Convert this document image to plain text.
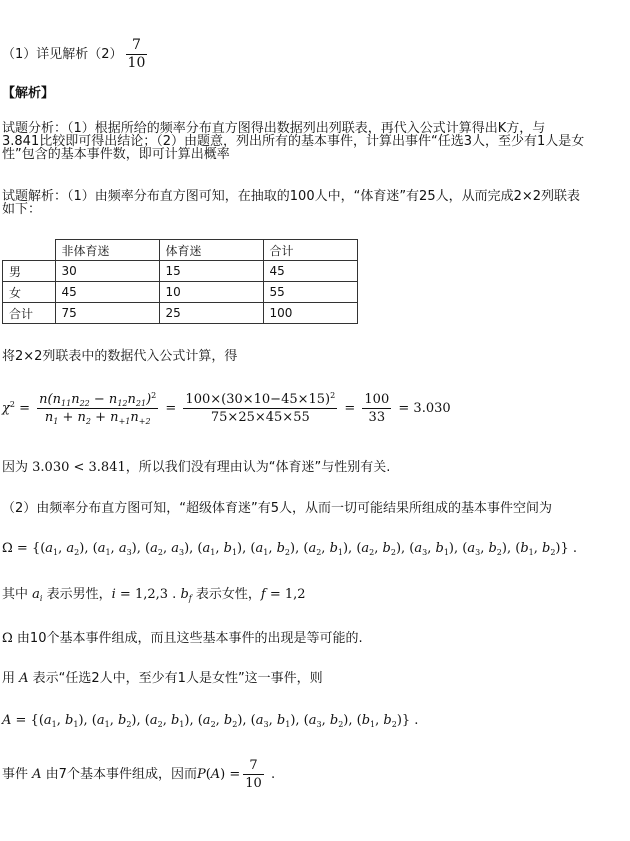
（1）详见解析$(2) \frac{7}{10}$
【解析】
试题分析：（1）根据所给的频率分布直方图得出数据列出列联表，再代入公式计算得出K方，与
3.841比较即可得出结论；（2）由题意，列出所有的基本事件，计算出事件“任选3人，至少有1人是女
性”包含的基本事件数，即可计算出概率
试题解析：（1）由频率分布直方图可知，在抽取的100人中，“体育迷”有25人，从而完成2×2列联表
如下：
	非体育迷	体育迷	合计
男	30	15	45
女	45	10	55
合计	75	25	100
将2×2列联表中的数据代入公式计算，得
$\chi^2 = \frac{n(n_{11}n_{22} - n_{12}n_{21})^2}{n_1 + n_2 + n_{+1}n_{+2}} = \frac{100\times(30\times 10-45\times 15)^2}{75\times 25\times 45\times 55} = \frac{100}{33} = 3.030$
因为 3.030 < 3.841，所以我们没有理由认为“体育迷”与性别有关.
（2）由频率分布直方图可知，“超级体育迷”有5人，从而一切可能结果所组成的基本事件空间为
$\Omega = \{(a_1$, $a_2$), ($a_1$, $a_3$), ($a_2$, $a_3$), ($a_1$, $b_1$), ($a_1$, $b_2$), ($a_2$, $b_1$), ($a_2$, $b_2$), ($a_3$, $b_1$), ($a_3$, $b_2$), ($b_1$, $b_2$)} .
其中 $a_i$ 表示男性，i = 1,2,3 . $b_f$ 表示女性，f = 1,2
Ω 由10个基本事件组成，而且这些基本事件的出现是等可能的.
用 A 表示“任选2人中，至少有1人是女性”这一事件，则
$A = \{(a_1$, $b_1$), ($a_1$, $b_2$), ($a_2$, $b_1$), ($a_2$, $b_2$), ($a_3$, $b_1$), ($a_3$, $b_2$), ($b_1$, $b_2$)} .
事件 A 由7个基本事件组成，因而$P(A) = \frac{7}{10}$ .
